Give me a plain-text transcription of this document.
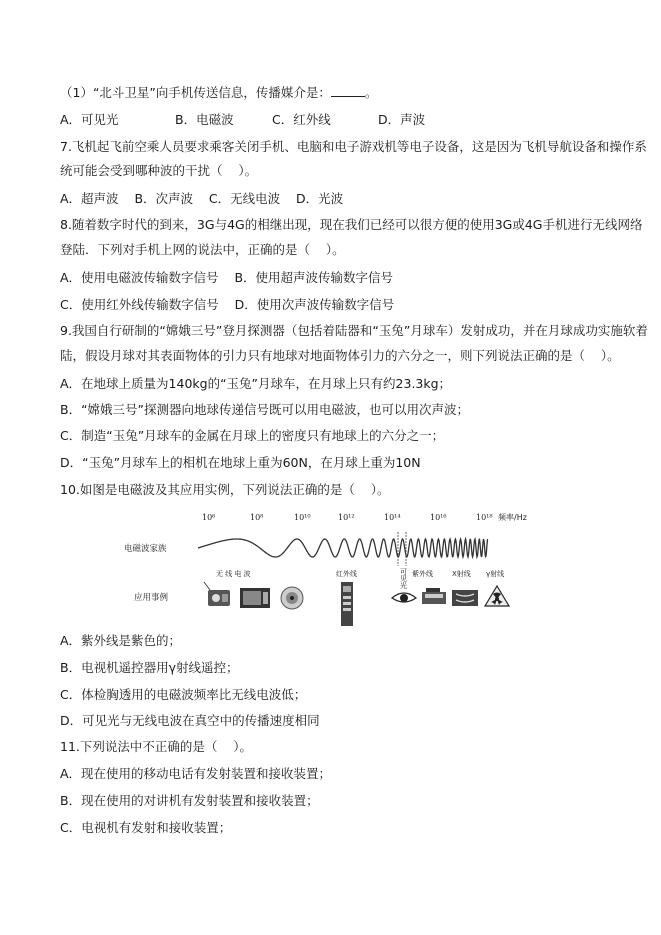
（1）“北斗卫星”向手机传送信息，传播媒介是：	。
A．可见光	B．电磁波	C．红外线	D．声波
7.飞机起飞前空乘人员要求乘客关闭手机、电脑和电子游戏机等电子设备，这是因为飞机导航设备和操作系
统可能会受到哪种波的干扰（    ）。
A．超声波    B．次声波    C．无线电波    D．光波
8.随着数字时代的到来，3G与4G的相继出现，现在我们已经可以很方便的使用3G或4G手机进行无线网络
登陆．下列对手机上网的说法中，正确的是（    ）。
A．使用电磁波传输数字信号    B．使用超声波传输数字信号
C．使用红外线传输数字信号    D．使用次声波传输数字信号
9.我国自行研制的“嫦娥三号”登月探测器（包括着陆器和“玉兔”月球车）发射成功，并在月球成功实施软着
陆，假设月球对其表面物体的引力只有地球对地面物体引力的六分之一，则下列说法正确的是（    ）。
A．在地球上质量为140kg的“玉兔”月球车，在月球上只有约23.3kg；
B．“嫦娥三号”探测器向地球传递信号既可以用电磁波，也可以用次声波；
C．制造“玉兔”月球车的金属在月球上的密度只有地球上的六分之一；
D．“玉兔”月球车上的相机在地球上重为60N，在月球上重为10N
10.如图是电磁波及其应用实例，下列说法正确的是（    ）。
10⁶	10⁸	10¹⁰	10¹²	10¹⁴	10¹⁶	10¹⁸ 频率/Hz
电磁波家族
无 线 电 波	红外线	可
见
光
紫外线	X射线 γ射线
应用事例
A．紫外线是紫色的；
B．电视机遥控器用γ射线遥控；
C．体检胸透用的电磁波频率比无线电波低；
D．可见光与无线电波在真空中的传播速度相同
11.下列说法中不正确的是（    ）。
A．现在使用的移动电话有发射装置和接收装置；
B．现在使用的对讲机有发射装置和接收装置；
C．电视机有发射和接收装置；
